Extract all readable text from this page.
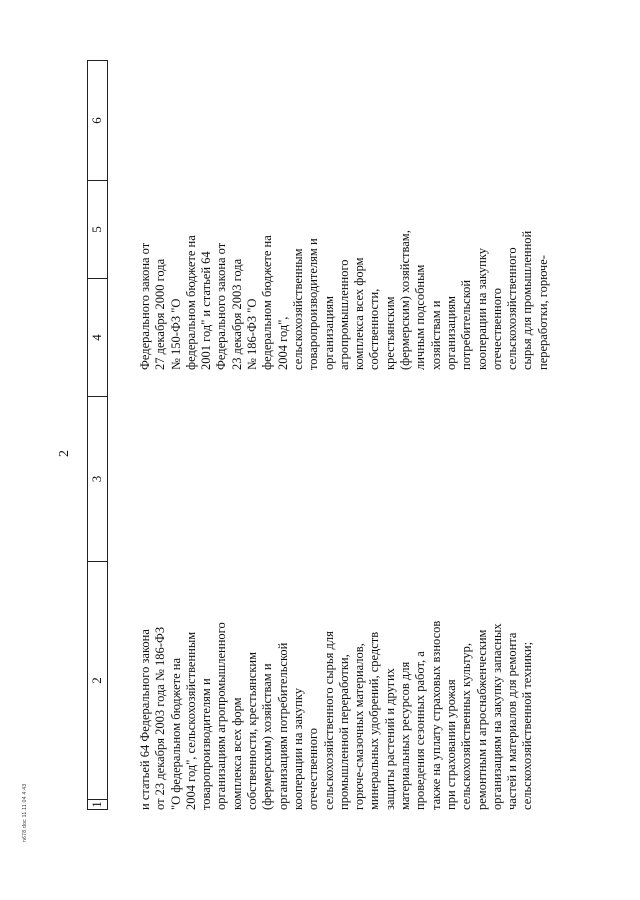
2
1
2
3
4
5
6
и статьей 64 Федерального закона от 23 декабря 2003 года № 186-ФЗ "О федеральном бюджете на 2004 год", сельскохозяйственным товаропроизводителям и организациям агропромышленного комплекса всех форм собственности, крестьянским (фермерским) хозяйствам и организациям потребительской кооперации на закупку отечественного сельскохозяйственного сырья для промышленной переработки, горюче-смазочных материалов, минеральных удобрений, средств защиты растений и других материальных ресурсов для проведения сезонных работ, а также на уплату страховых взносов при страховании урожая сельскохозяйственных культур, ремонтным и агроснабженческим организациям на закупку запасных частей и материалов для ремонта сельскохозяйственной техники;
Федерального закона от 27 декабря 2000 года № 150-ФЗ "О федеральном бюджете на 2001 год" и статьей 64 Федерального закона от 23 декабря 2003 года № 186-ФЗ "О федеральном бюджете на 2004 год", сельскохозяйственным товаропроизводителям и организациям агропромышленного комплекса всех форм собственности, крестьянским (фермерским) хозяйствам, личным подсобным хозяйствам и организациям потребительской кооперации на закупку отечественного сельскохозяйственного сырья для промышленной переработки, горюче-
n678.doc 11.11.04 4:43
